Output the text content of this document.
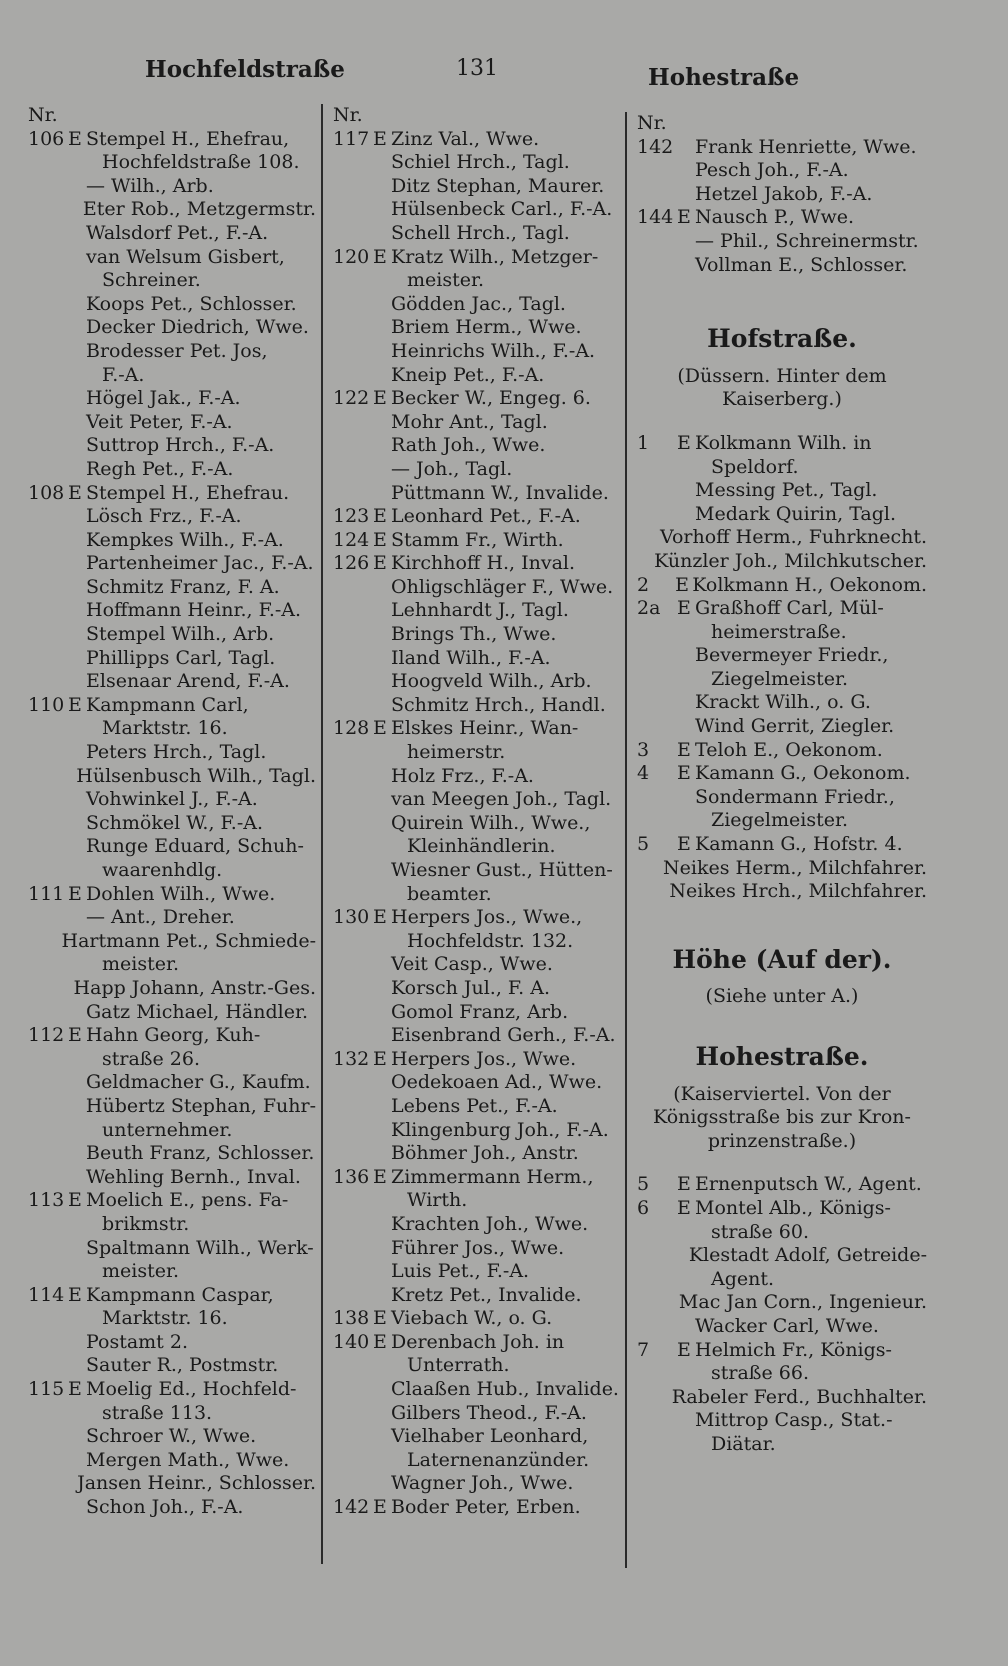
Hochfeldstraße	131	Hohestraße
Nr.
106 E Stempel H., Ehefrau,
Hochfeldstraße 108.
— Wilh., Arb.
Eter Rob., Metzgermstr.
Walsdorf Pet., F.-A.
van Welsum Gisbert,
Schreiner.
Koops Pet., Schlosser.
Decker Diedrich, Wwe.
Brodesser Pet. Jos,
F.-A.
Högel Jak., F.-A.
Veit Peter, F.-A.
Suttrop Hrch., F.-A.
Regh Pet., F.-A.
108 E Stempel H., Ehefrau.
Lösch Frz., F.-A.
Kempkes Wilh., F.-A.
Partenheimer Jac., F.-A.
Schmitz Franz, F. A.
Hoffmann Heinr., F.-A.
Stempel Wilh., Arb.
Phillipps Carl, Tagl.
Elsenaar Arend, F.-A.
110 E Kampmann Carl,
Marktstr. 16.
Peters Hrch., Tagl.
Hülsenbusch Wilh., Tagl.
Vohwinkel J., F.-A.
Schmökel W., F.-A.
Runge Eduard, Schuh-
waarenhdlg.
111 E Dohlen Wilh., Wwe.
— Ant., Dreher.
Hartmann Pet., Schmiede-
meister.
Happ Johann, Anstr.-Ges.
Gatz Michael, Händler.
112 E Hahn Georg, Kuh-
straße 26.
Geldmacher G., Kaufm.
Hübertz Stephan, Fuhr-
unternehmer.
Beuth Franz, Schlosser.
Wehling Bernh., Inval.
113 E Moelich E., pens. Fa-
brikmstr.
Spaltmann Wilh., Werk-
meister.
114 E Kampmann Caspar,
Marktstr. 16.
Postamt 2.
Sauter R., Postmstr.
115 E Moelig Ed., Hochfeld-
straße 113.
Schroer W., Wwe.
Mergen Math., Wwe.
Jansen Heinr., Schlosser.
Schon Joh., F.-A.
Nr.
117 E Zinz Val., Wwe.
Schiel Hrch., Tagl.
Ditz Stephan, Maurer.
Hülsenbeck Carl., F.-A.
Schell Hrch., Tagl.
120 E Kratz Wilh., Metzger-
meister.
Gödden Jac., Tagl.
Briem Herm., Wwe.
Heinrichs Wilh., F.-A.
Kneip Pet., F.-A.
122 E Becker W., Engeg. 6.
Mohr Ant., Tagl.
Rath Joh., Wwe.
— Joh., Tagl.
Püttmann W., Invalide.
123 E Leonhard Pet., F.-A.
124 E Stamm Fr., Wirth.
126 E Kirchhoff H., Inval.
Ohligschläger F., Wwe.
Lehnhardt J., Tagl.
Brings Th., Wwe.
Iland Wilh., F.-A.
Hoogveld Wilh., Arb.
Schmitz Hrch., Handl.
128 E Elskes Heinr., Wan-
heimerstr.
Holz Frz., F.-A.
van Meegen Joh., Tagl.
Quirein Wilh., Wwe.,
Kleinhändlerin.
Wiesner Gust., Hütten-
beamter.
130 E Herpers Jos., Wwe.,
Hochfeldstr. 132.
Veit Casp., Wwe.
Korsch Jul., F. A.
Gomol Franz, Arb.
Eisenbrand Gerh., F.-A.
132 E Herpers Jos., Wwe.
Oedekoaen Ad., Wwe.
Lebens Pet., F.-A.
Klingenburg Joh., F.-A.
Böhmer Joh., Anstr.
136 E Zimmermann Herm.,
Wirth.
Krachten Joh., Wwe.
Führer Jos., Wwe.
Luis Pet., F.-A.
Kretz Pet., Invalide.
138 E Viebach W., o. G.
140 E Derenbach Joh. in
Unterrath.
Claaßen Hub., Invalide.
Gilbers Theod., F.-A.
Vielhaber Leonhard,
Laternenanzünder.
Wagner Joh., Wwe.
142 E Boder Peter, Erben.
Nr.
142 Frank Henriette, Wwe.
Pesch Joh., F.-A.
Hetzel Jakob, F.-A.
144 E Nausch P., Wwe.
— Phil., Schreinermstr.
Vollman E., Schlosser.
Hofstraße.
(Düssern. Hinter dem
Kaiserberg.)
1	E Kolkmann Wilh. in
Speldorf.
Messing Pet., Tagl.
Medark Quirin, Tagl.
Vorhoff Herm., Fuhrknecht.
Künzler Joh., Milchkutscher.
2	E Kolkmann H., Oekonom.
2a E Graßhoff Carl, Mül-
heimerstraße.
Bevermeyer Friedr.,
Ziegelmeister.
Krackt Wilh., o. G.
Wind Gerrit, Ziegler.
3	E Teloh E., Oekonom.
4	E Kamann G., Oekonom.
Sondermann Friedr.,
Ziegelmeister.
5	E Kamann G., Hofstr. 4.
Neikes Herm., Milchfahrer.
Neikes Hrch., Milchfahrer.
Höhe (Auf der).
(Siehe unter A.)
Hohestraße.
(Kaiserviertel. Von der
Königsstraße bis zur Kron-
prinzenstraße.)
5	E Ernenputsch W., Agent.
6	E Montel Alb., Königs-
straße 60.
Klestadt Adolf, Getreide-
Agent.
Mac Jan Corn., Ingenieur.
Wacker Carl, Wwe.
7	E Helmich Fr., Königs-
straße 66.
Rabeler Ferd., Buchhalter.
Mittrop Casp., Stat.-
Diätar.
